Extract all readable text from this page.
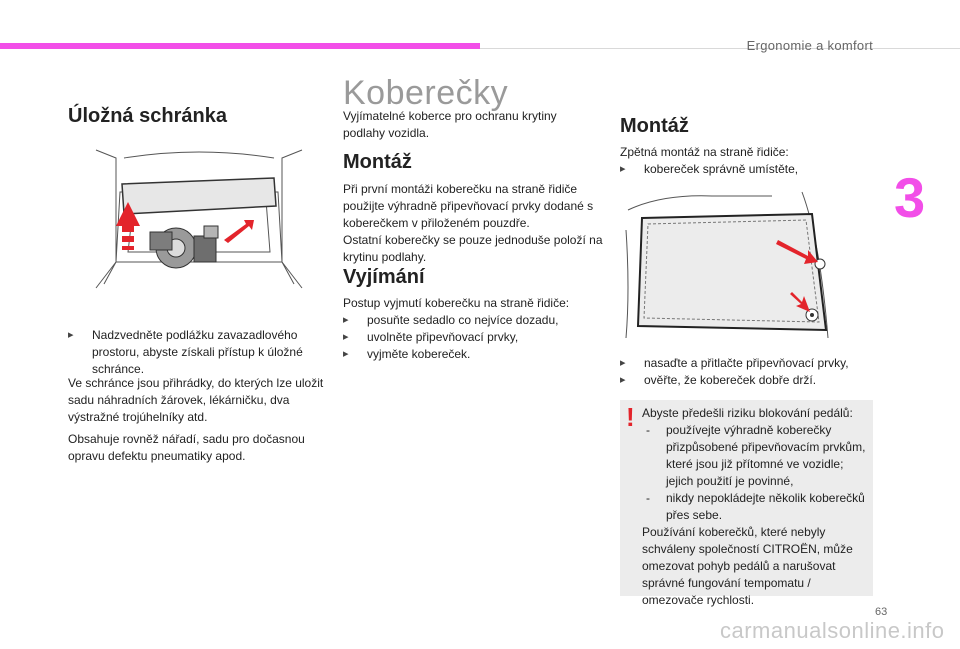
Ergonomie a komfort
3
Úložná schránka
▸ Nadzvedněte podlážku zavazadlového prostoru, abyste získali přístup k úložné schránce.

Ve schránce jsou přihrádky, do kterých lze uložit sadu náhradních žárovek, lékárničku, dva výstražné trojúhelníky atd.

Obsahuje rovněž nářadí, sadu pro dočasnou opravu defektu pneumatiky apod.

Koberečky

Vyjímatelné koberce pro ochranu krytiny podlahy vozidla.

Montáž

Při první montáži koberečku na straně řidiče použijte výhradně připevňovací prvky dodané s koberečkem v přiloženém pouzdře.

Ostatní koberečky se pouze jednoduše položí na krytinu podlahy.

Vyjímání

Postup vyjmutí koberečku na straně řidiče:

▸ posuňte sedadlo co nejvíce dozadu,
▸ uvolněte připevňovací prvky,
▸ vyjměte kobereček.
Montáž

Zpětná montáž na straně řidiče:

▸ kobereček správně umístěte,
▸ nasaďte a přitlačte připevňovací prvky,
▸ ověřte, že kobereček dobře drží.
! Abyste předešli riziku blokování pedálů:

- používejte výhradně koberečky přizpůsobené připevňovacím prvkům, které jsou již přítomné ve vozidle; jejich použití je povinné,
- nikdy nepokládejte několik koberečků přes sebe.

Používání koberečků, které nebyly schváleny společností CITROËN, může omezovat pohyb pedálů a narušovat správné fungování tempomatu / omezovače rychlosti.

63
carmanualsonline.info
